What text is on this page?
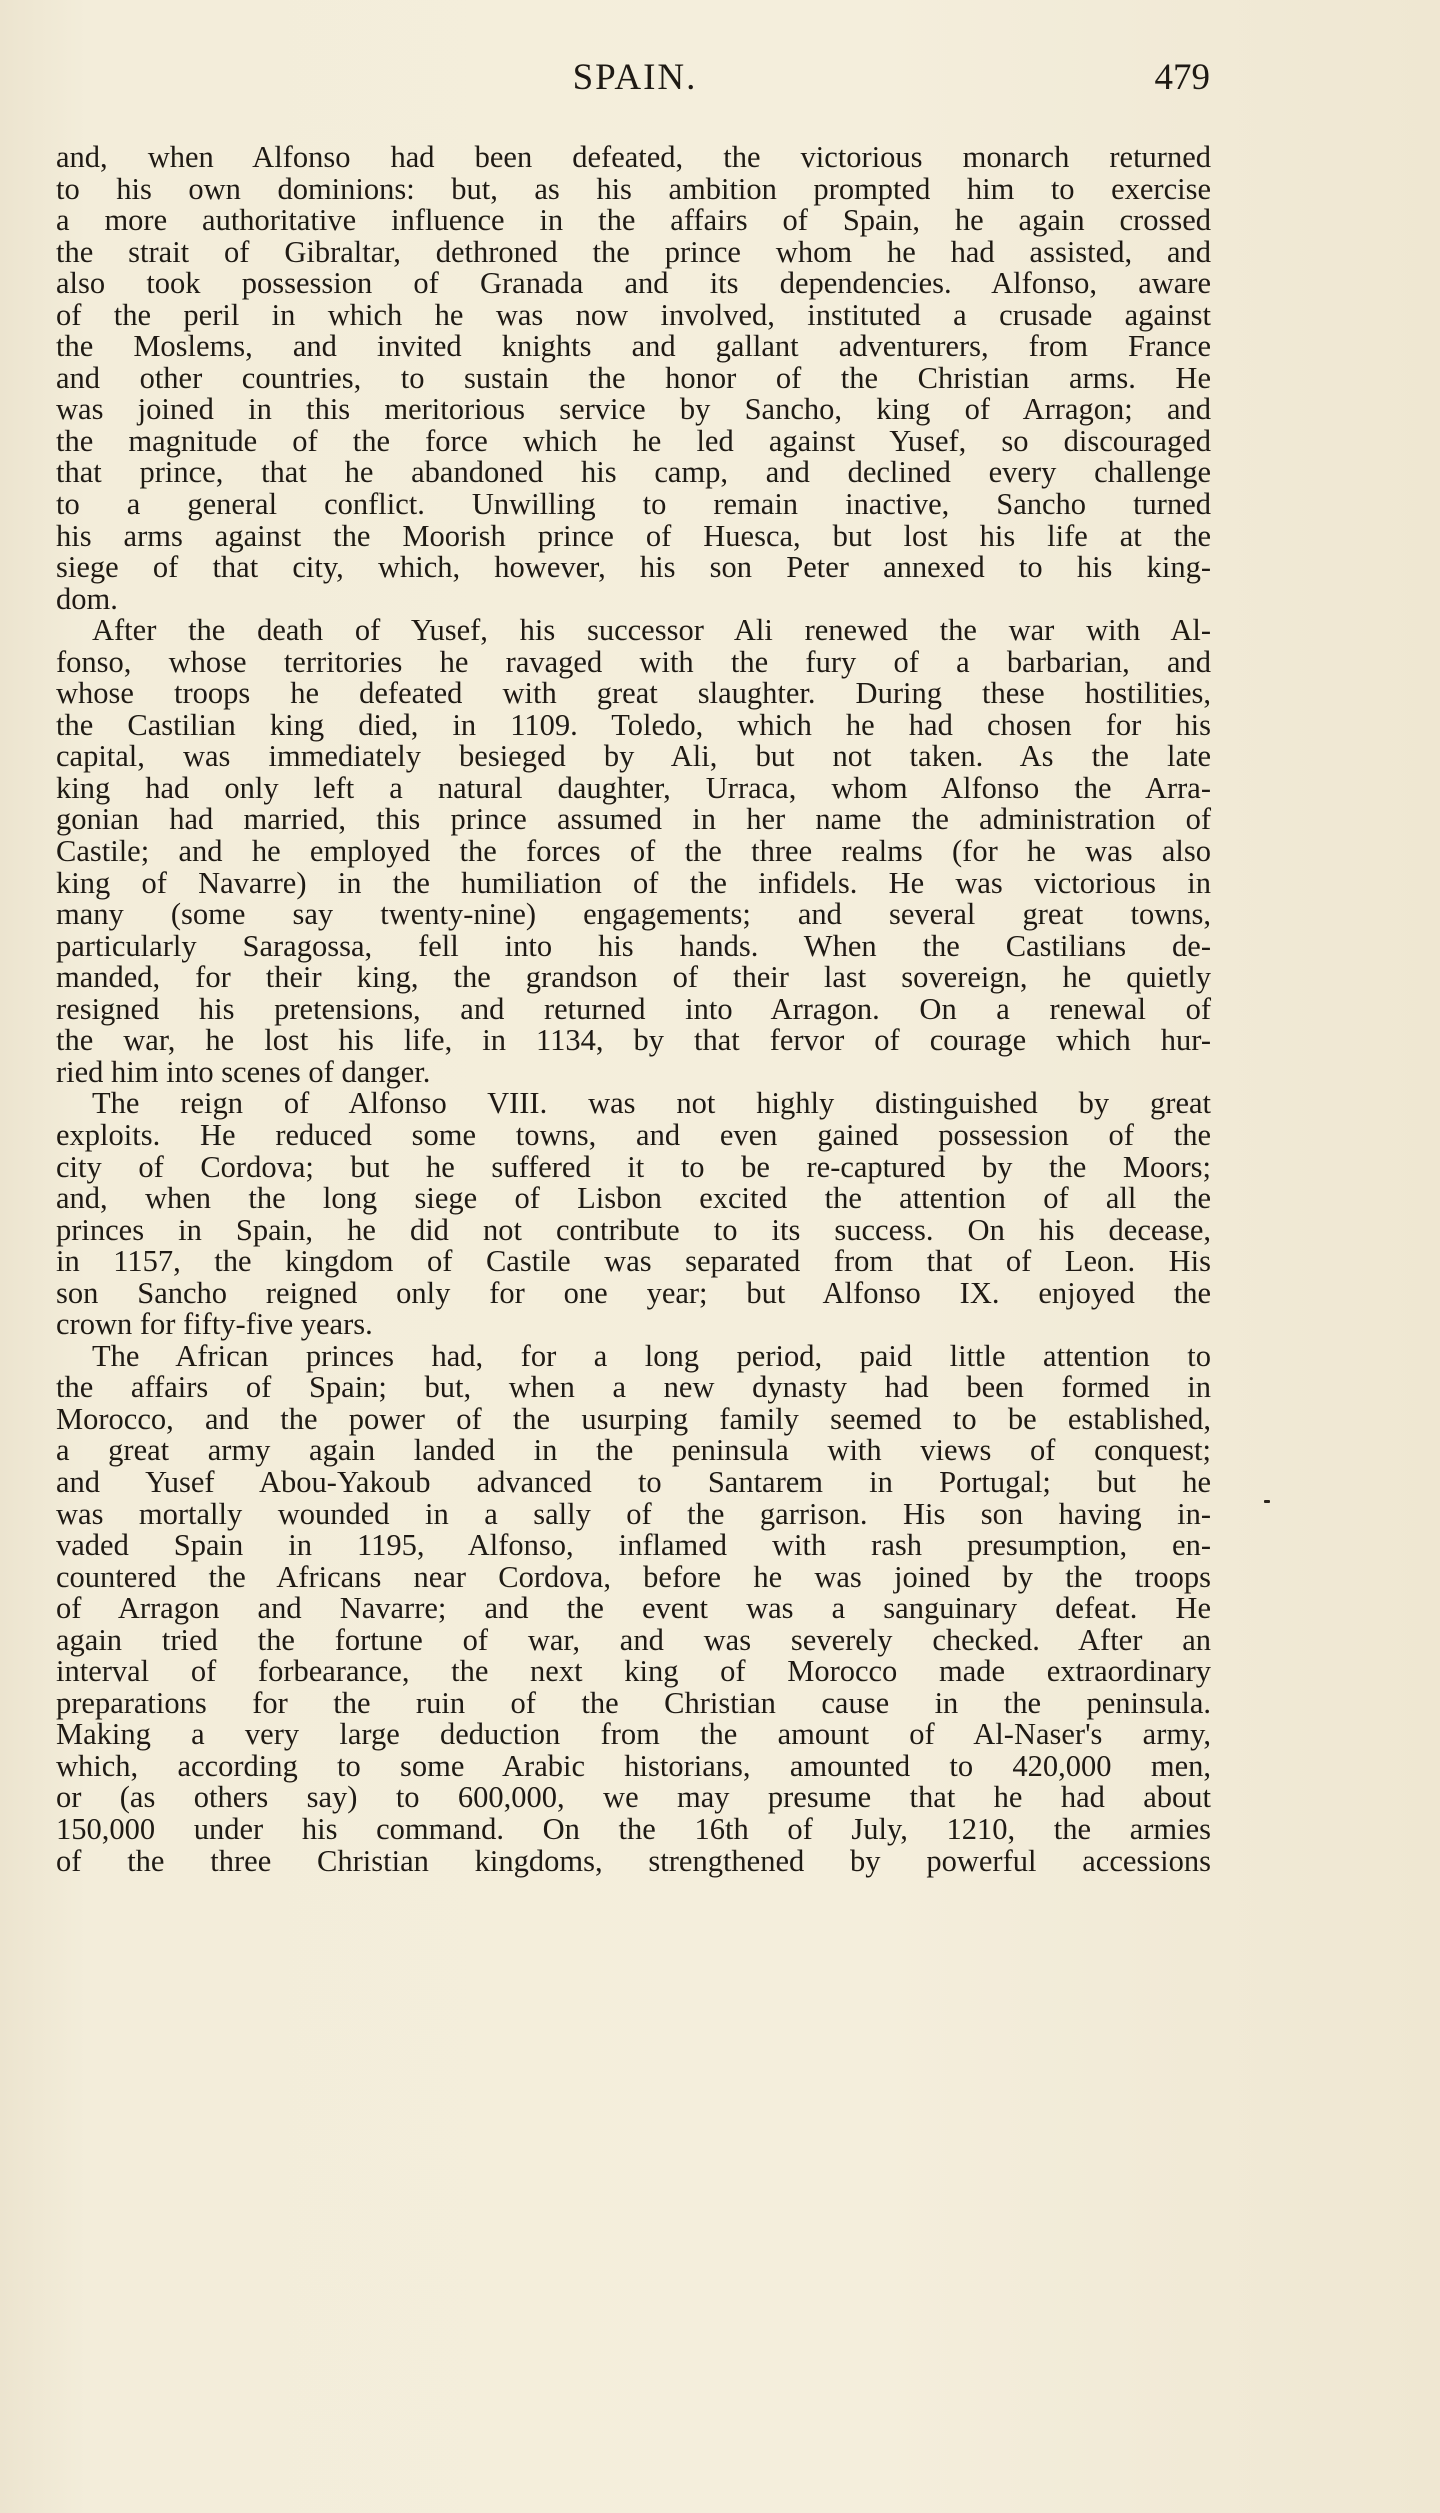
SPAIN.	479
and, when Alfonso had been defeated, the victorious monarch returned
to his own dominions: but, as his ambition prompted him to exercise
a more authoritative influence in the affairs of Spain, he again crossed
the strait of Gibraltar, dethroned the prince whom he had assisted, and
also took possession of Granada and its dependencies. Alfonso, aware
of the peril in which he was now involved, instituted a crusade against
the Moslems, and invited knights and gallant adventurers, from France
and other countries, to sustain the honor of the Christian arms. He
was joined in this meritorious service by Sancho, king of Arragon; and
the magnitude of the force which he led against Yusef, so discouraged
that prince, that he abandoned his camp, and declined every challenge
to a general conflict. Unwilling to remain inactive, Sancho turned
his arms against the Moorish prince of Huesca, but lost his life at the
siege of that city, which, however, his son Peter annexed to his king-
dom.
After the death of Yusef, his successor Ali renewed the war with Al-
fonso, whose territories he ravaged with the fury of a barbarian, and
whose troops he defeated with great slaughter. During these hostilities,
the Castilian king died, in 1109. Toledo, which he had chosen for his
capital, was immediately besieged by Ali, but not taken. As the late
king had only left a natural daughter, Urraca, whom Alfonso the Arra-
gonian had married, this prince assumed in her name the administration of
Castile; and he employed the forces of the three realms (for he was also
king of Navarre) in the humiliation of the infidels. He was victorious in
many (some say twenty-nine) engagements; and several great towns,
particularly Saragossa, fell into his hands. When the Castilians de-
manded, for their king, the grandson of their last sovereign, he quietly
resigned his pretensions, and returned into Arragon. On a renewal of
the war, he lost his life, in 1134, by that fervor of courage which hur-
ried him into scenes of danger.
The reign of Alfonso VIII. was not highly distinguished by great
exploits. He reduced some towns, and even gained possession of the
city of Cordova; but he suffered it to be re-captured by the Moors;
and, when the long siege of Lisbon excited the attention of all the
princes in Spain, he did not contribute to its success. On his decease,
in 1157, the kingdom of Castile was separated from that of Leon. His
son Sancho reigned only for one year; but Alfonso IX. enjoyed the
crown for fifty-five years.
The African princes had, for a long period, paid little attention to
the affairs of Spain; but, when a new dynasty had been formed in
Morocco, and the power of the usurping family seemed to be established,
a great army again landed in the peninsula with views of conquest;
and Yusef Abou-Yakoub advanced to Santarem in Portugal; but he
was mortally wounded in a sally of the garrison. His son having in-
vaded Spain in 1195, Alfonso, inflamed with rash presumption, en-
countered the Africans near Cordova, before he was joined by the troops
of Arragon and Navarre; and the event was a sanguinary defeat. He
again tried the fortune of war, and was severely checked. After an
interval of forbearance, the next king of Morocco made extraordinary
preparations for the ruin of the Christian cause in the peninsula.
Making a very large deduction from the amount of Al-Naser's army,
which, according to some Arabic historians, amounted to 420,000 men,
or (as others say) to 600,000, we may presume that he had about
150,000 under his command. On the 16th of July, 1210, the armies
of the three Christian kingdoms, strengthened by powerful accessions
